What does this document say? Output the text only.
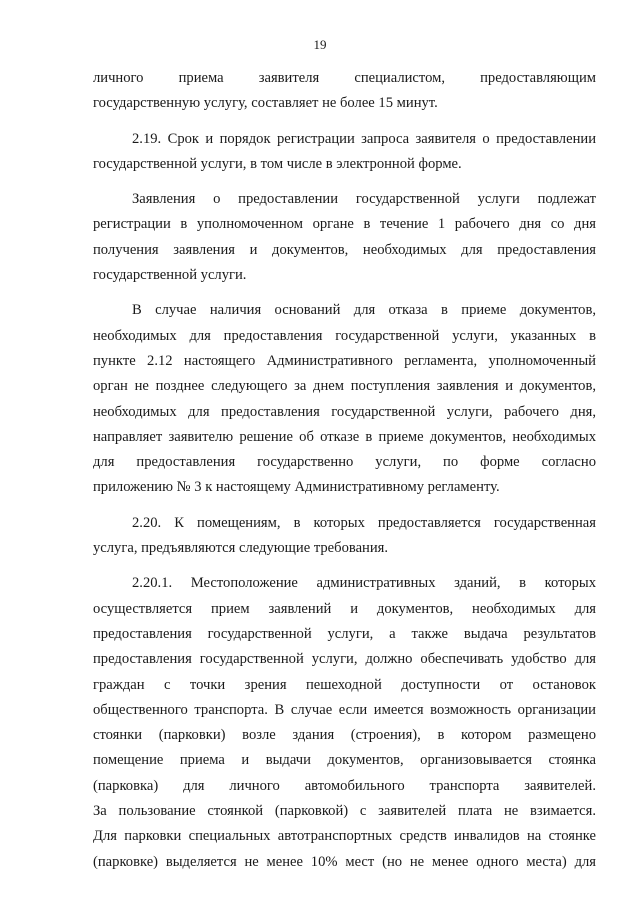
19
личного приема заявителя специалистом, предоставляющим
государственную услугу, составляет не более 15 минут.
2.19. Срок и порядок регистрации запроса заявителя о предоставлении
государственной услуги, в том числе в электронной форме.
Заявления о предоставлении государственной услуги подлежат
регистрации в уполномоченном органе в течение 1 рабочего дня со дня
получения заявления и документов, необходимых для предоставления
государственной услуги.
В случае наличия оснований для отказа в приеме документов,
необходимых для предоставления государственной услуги, указанных в
пункте 2.12 настоящего Административного регламента, уполномоченный
орган не позднее следующего за днем поступления заявления и документов,
необходимых для предоставления государственной услуги, рабочего дня,
направляет заявителю решение об отказе в приеме документов, необходимых
для предоставления государственно услуги, по форме согласно
приложению № 3 к настоящему Административному регламенту.
2.20. К помещениям, в которых предоставляется государственная
услуга, предъявляются следующие требования.
2.20.1. Местоположение административных зданий, в которых
осуществляется прием заявлений и документов, необходимых для
предоставления государственной услуги, а также выдача результатов
предоставления государственной услуги, должно обеспечивать удобство для
граждан с точки зрения пешеходной доступности от остановок
общественного транспорта. В случае если имеется возможность организации
стоянки (парковки) возле здания (строения), в котором размещено
помещение приема и выдачи документов, организовывается стоянка
(парковка) для личного автомобильного транспорта заявителей.
За пользование стоянкой (парковкой) с заявителей плата не взимается.
Для парковки специальных автотранспортных средств инвалидов на стоянке
(парковке) выделяется не менее 10% мест (но не менее одного места) для
